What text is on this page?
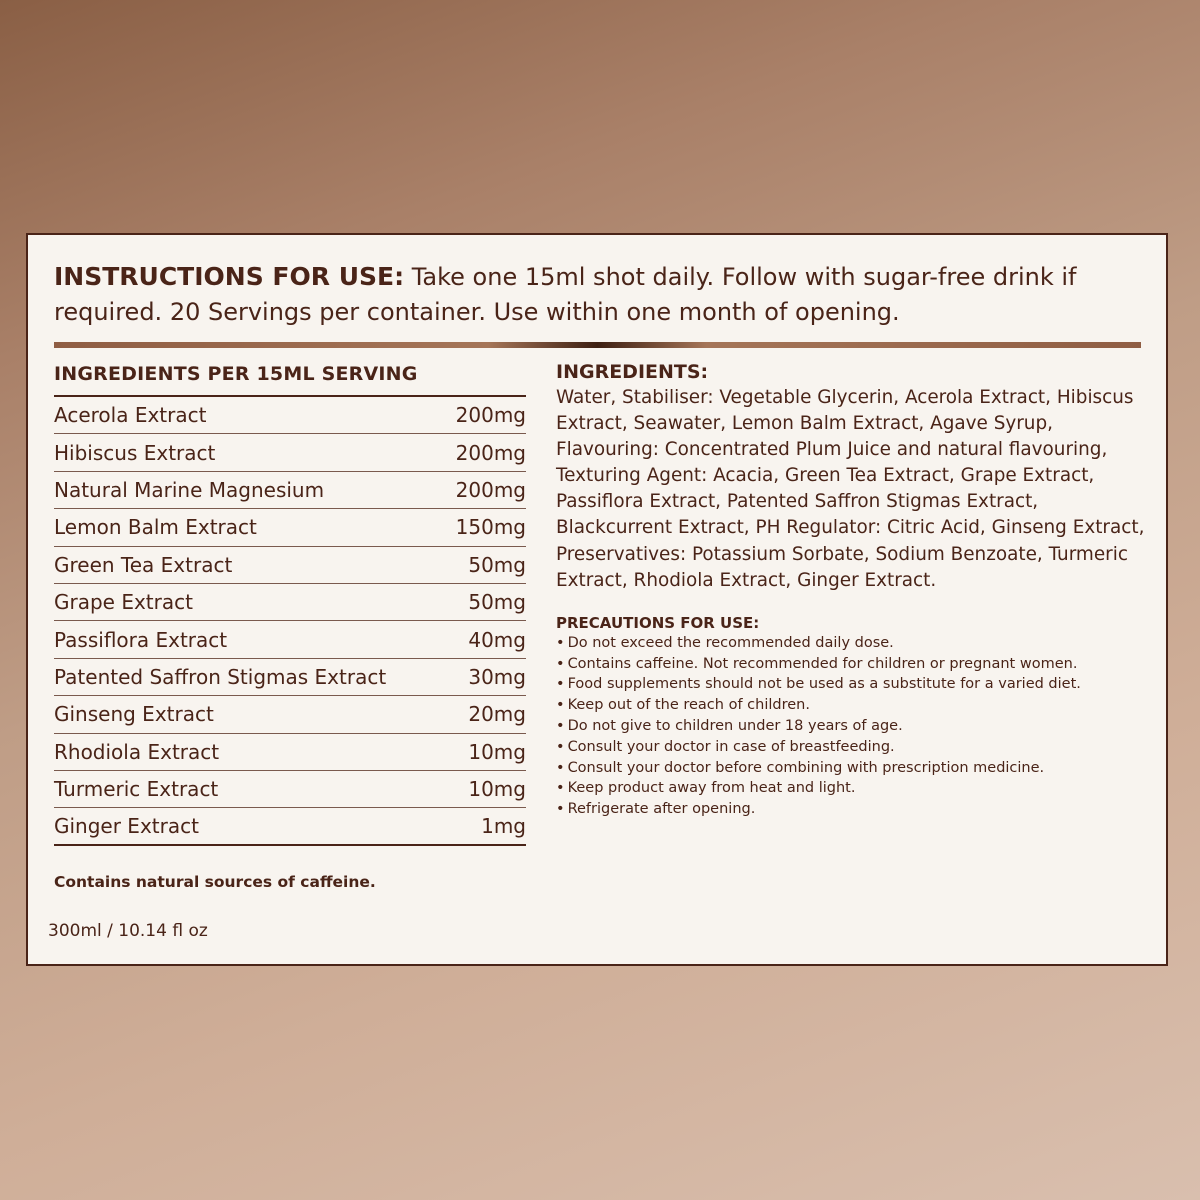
INSTRUCTIONS FOR USE: Take one 15ml shot daily. Follow with sugar-free drink if required. 20 Servings per container. Use within one month of opening.
INGREDIENTS PER 15ML SERVING
Acerola Extract	200mg
Hibiscus Extract	200mg
Natural Marine Magnesium	200mg
Lemon Balm Extract	150mg
Green Tea Extract	50mg
Grape Extract	50mg
Passiflora Extract	40mg
Patented Saffron Stigmas Extract	30mg
Ginseng Extract	20mg
Rhodiola Extract	10mg
Turmeric Extract	10mg
Ginger Extract	1mg
Contains natural sources of caffeine.
300ml / 10.14 fl oz
INGREDIENTS:
Water, Stabiliser: Vegetable Glycerin, Acerola Extract, Hibiscus Extract, Seawater, Lemon Balm Extract, Agave Syrup, Flavouring: Concentrated Plum Juice and natural flavouring, Texturing Agent: Acacia, Green Tea Extract, Grape Extract, Passiflora Extract, Patented Saffron Stigmas Extract, Blackcurrent Extract, PH Regulator: Citric Acid, Ginseng Extract, Preservatives: Potassium Sorbate, Sodium Benzoate, Turmeric Extract, Rhodiola Extract, Ginger Extract.
PRECAUTIONS FOR USE:
• Do not exceed the recommended daily dose.
• Contains caffeine. Not recommended for children or pregnant women.
• Food supplements should not be used as a substitute for a varied diet.
• Keep out of the reach of children.
• Do not give to children under 18 years of age.
• Consult your doctor in case of breastfeeding.
• Consult your doctor before combining with prescription medicine.
• Keep product away from heat and light.
• Refrigerate after opening.
